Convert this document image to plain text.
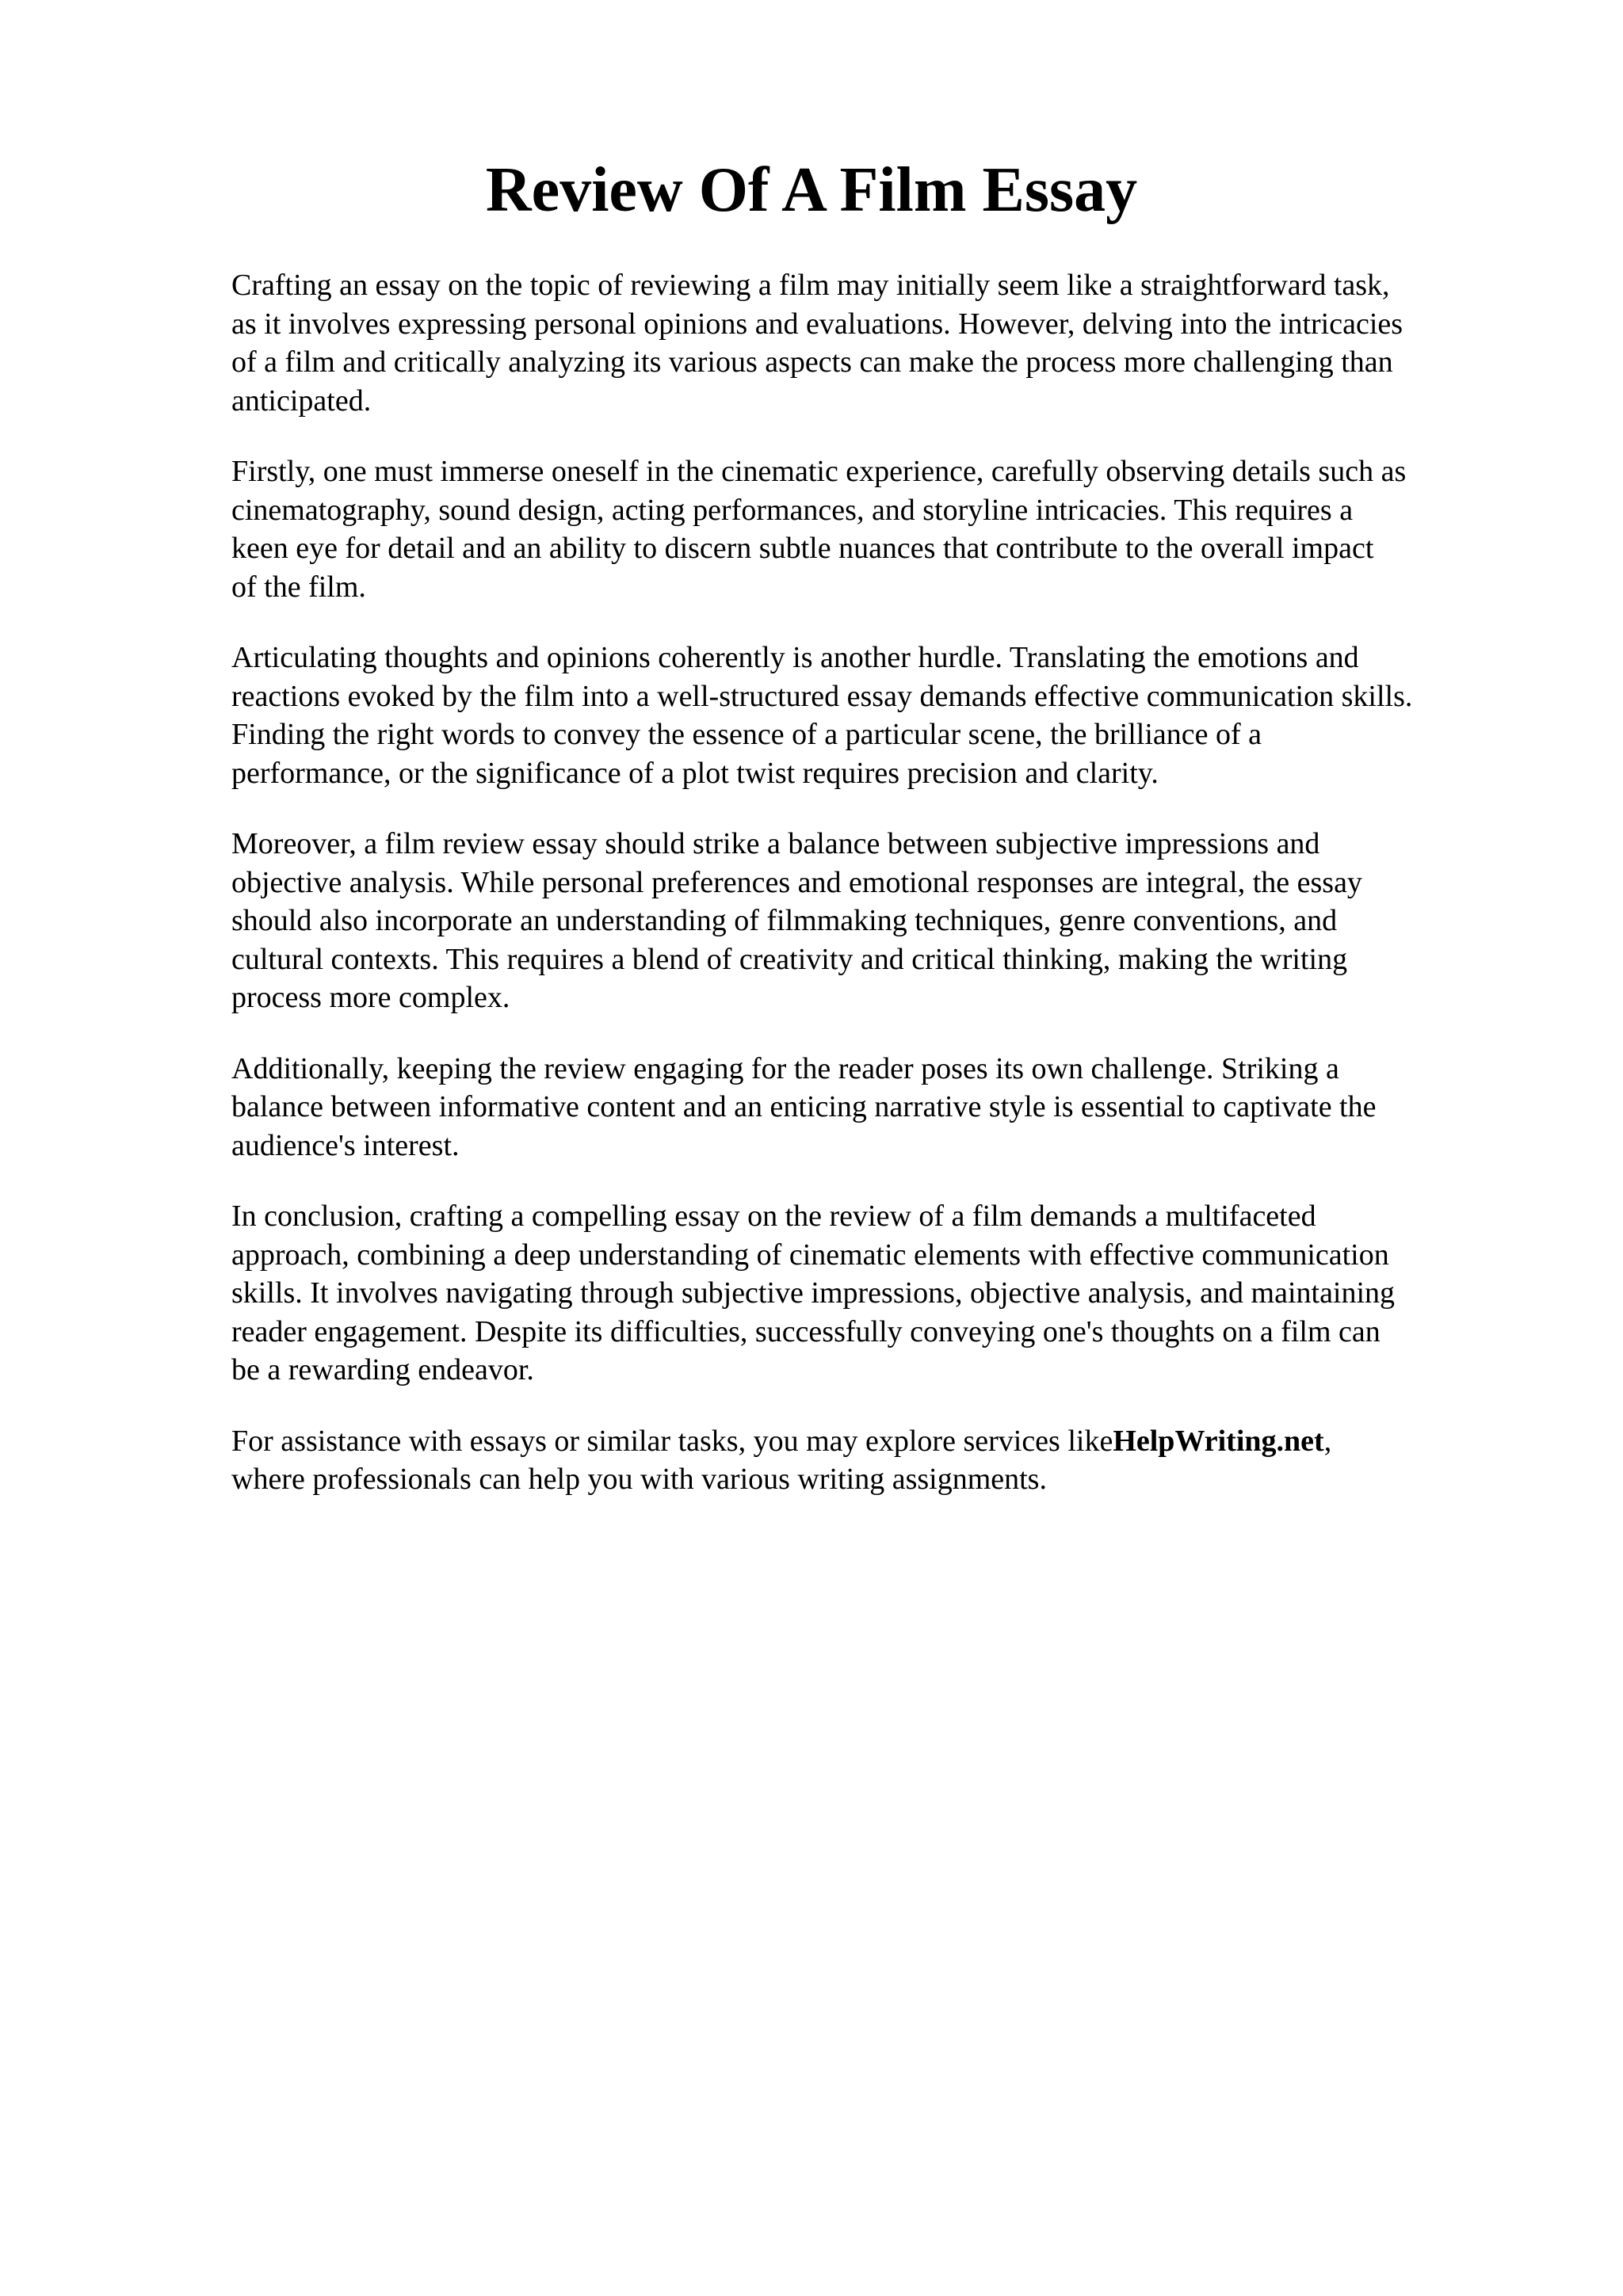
Review Of A Film Essay

Crafting an essay on the topic of reviewing a film may initially seem like a straightforward task,
as it involves expressing personal opinions and evaluations. However, delving into the intricacies
of a film and critically analyzing its various aspects can make the process more challenging than
anticipated.

Firstly, one must immerse oneself in the cinematic experience, carefully observing details such as
cinematography, sound design, acting performances, and storyline intricacies. This requires a
keen eye for detail and an ability to discern subtle nuances that contribute to the overall impact
of the film.

Articulating thoughts and opinions coherently is another hurdle. Translating the emotions and
reactions evoked by the film into a well-structured essay demands effective communication skills.
Finding the right words to convey the essence of a particular scene, the brilliance of a
performance, or the significance of a plot twist requires precision and clarity.

Moreover, a film review essay should strike a balance between subjective impressions and
objective analysis. While personal preferences and emotional responses are integral, the essay
should also incorporate an understanding of filmmaking techniques, genre conventions, and
cultural contexts. This requires a blend of creativity and critical thinking, making the writing
process more complex.

Additionally, keeping the review engaging for the reader poses its own challenge. Striking a
balance between informative content and an enticing narrative style is essential to captivate the
audience's interest.

In conclusion, crafting a compelling essay on the review of a film demands a multifaceted
approach, combining a deep understanding of cinematic elements with effective communication
skills. It involves navigating through subjective impressions, objective analysis, and maintaining
reader engagement. Despite its difficulties, successfully conveying one's thoughts on a film can
be a rewarding endeavor.

For assistance with essays or similar tasks, you may explore services likeHelpWriting.net,
where professionals can help you with various writing assignments.
